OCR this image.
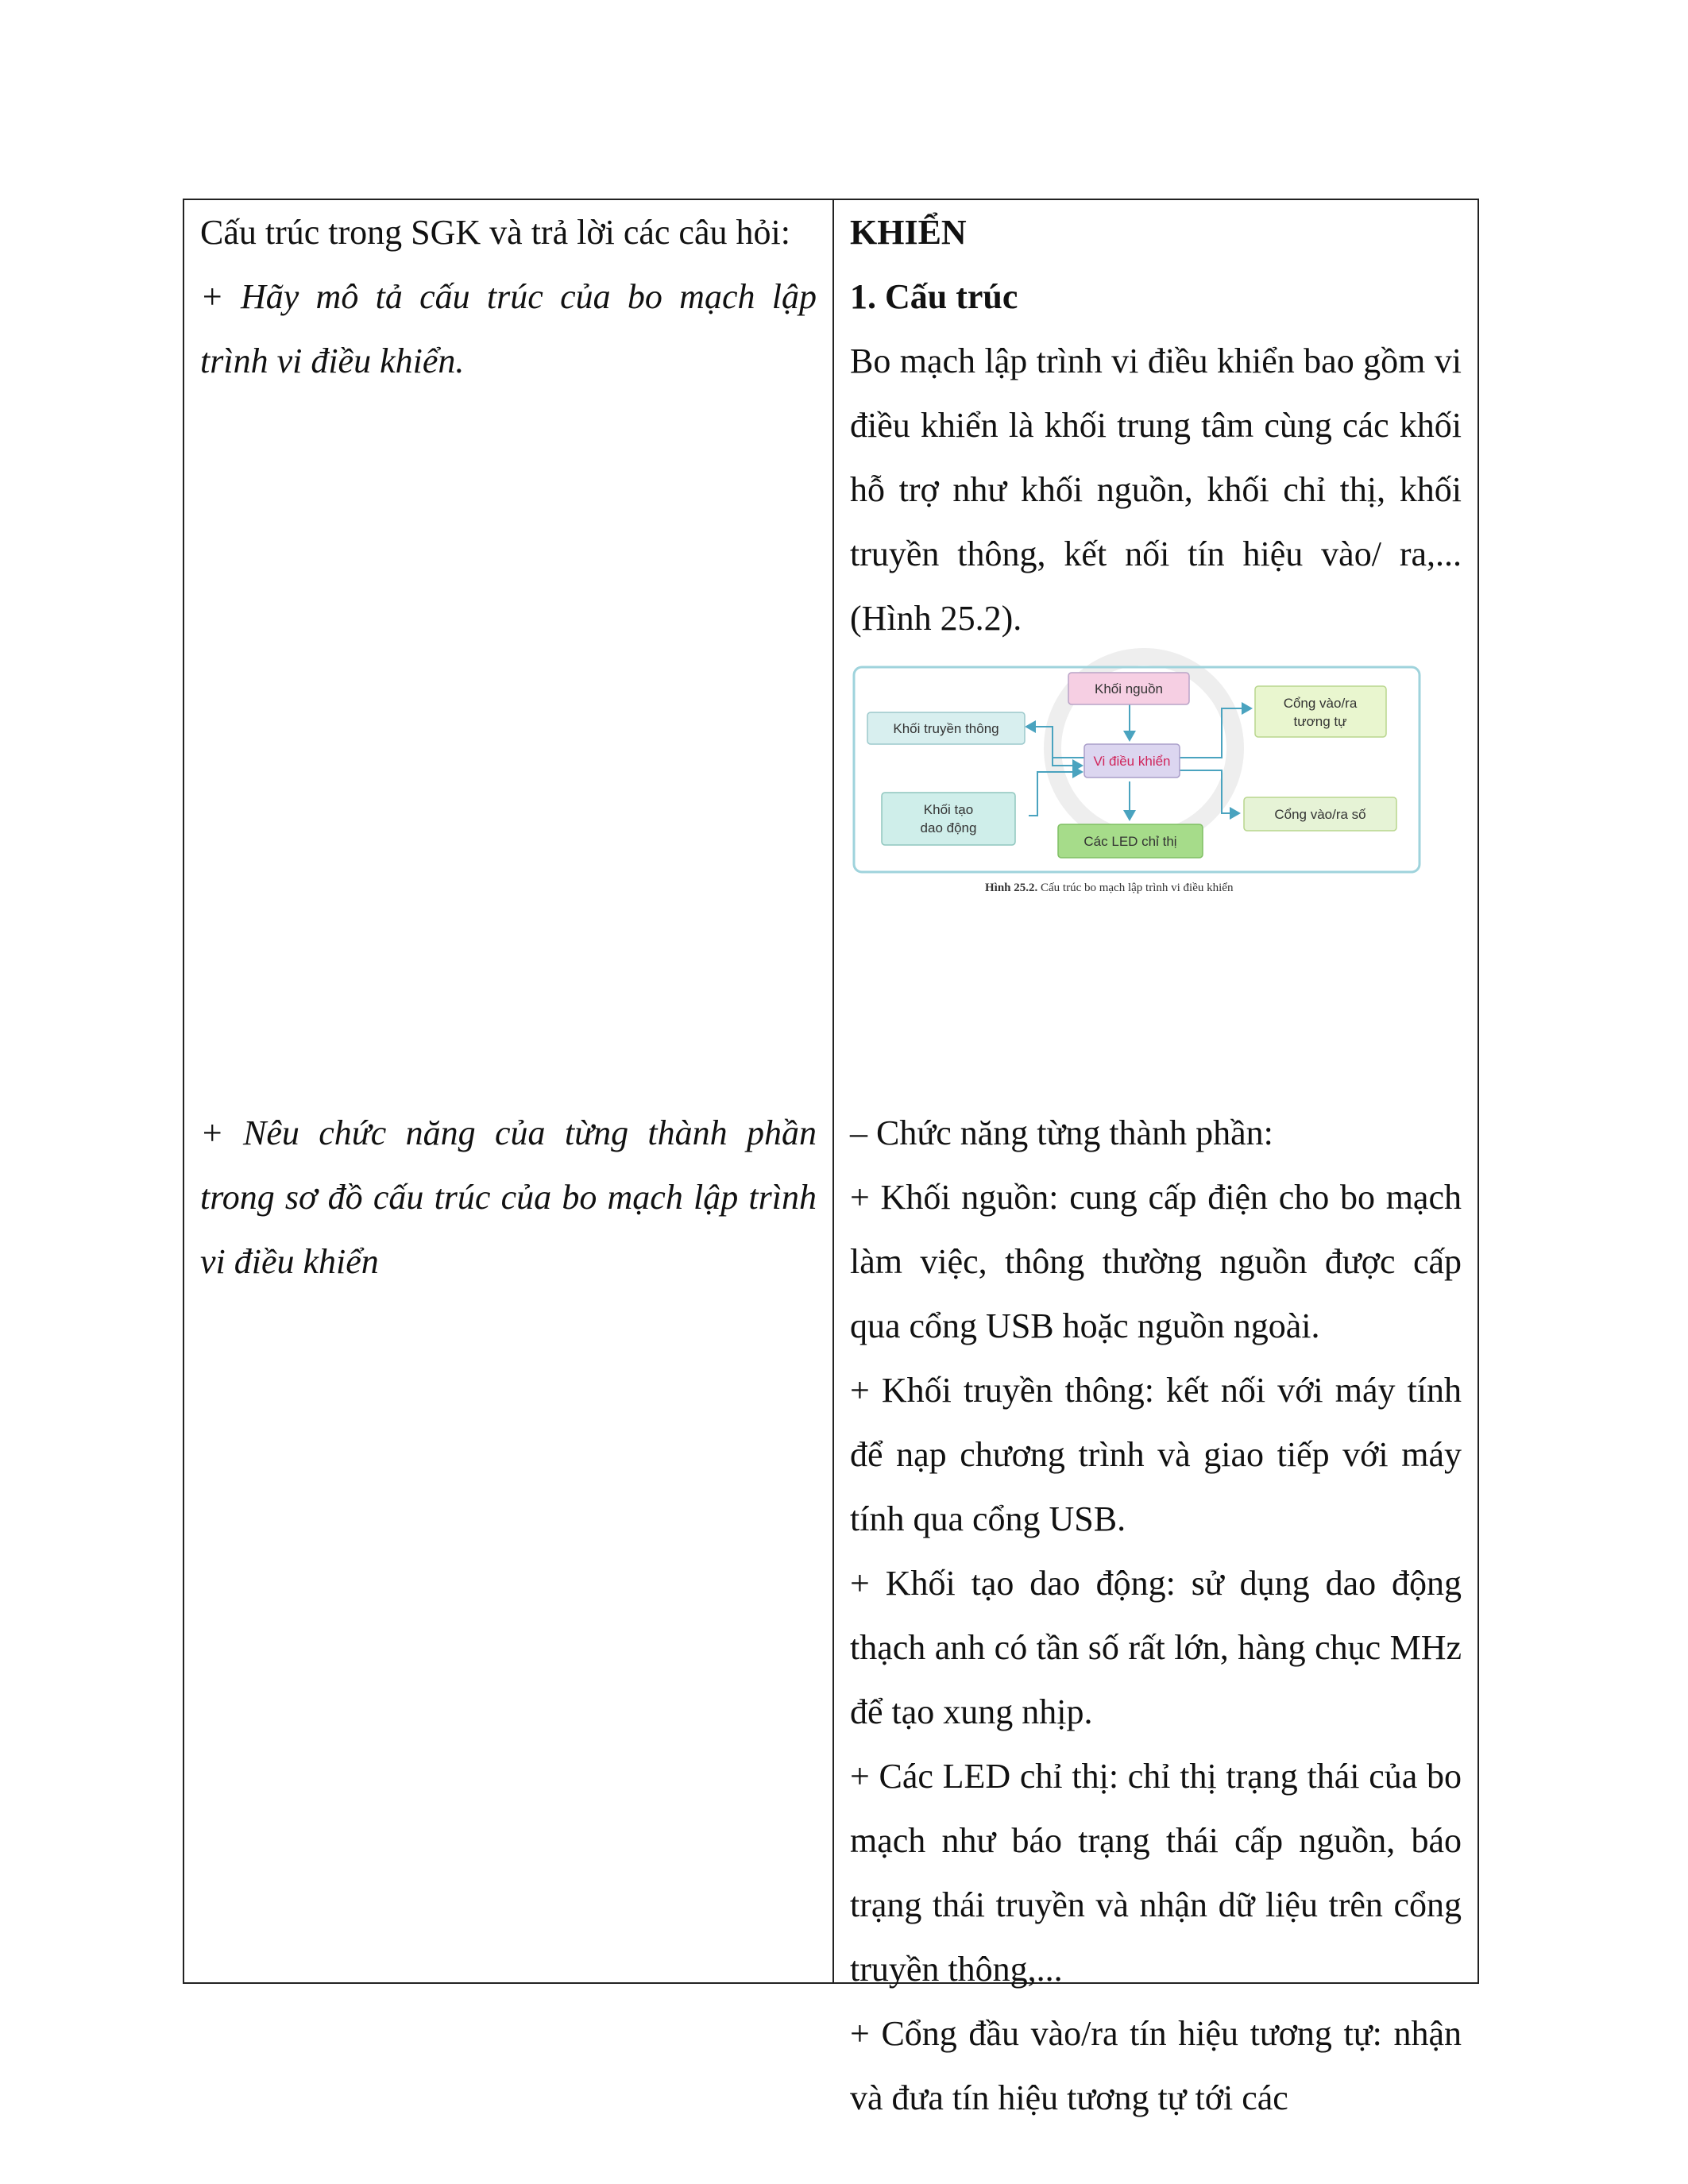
Cấu trúc trong SGK và trả lời các câu hỏi:

+ Hãy mô tả cấu trúc của bo mạch lập trình vi điều khiển.

+ Nêu chức năng của từng thành phần trong sơ đồ cấu trúc của bo mạch lập trình vi điều khiển

KHIỂN

1. Cấu trúc

Bo mạch lập trình vi điều khiển bao gồm vi điều khiển là khối trung tâm cùng các khối hỗ trợ như khối nguồn, khối chỉ thị, khối truyền thông, kết nối tín hiệu vào/ ra,... (Hình 25.2).

Khối nguồn
Khối truyền thông
Vi điều khiển
Khối tạo
dao động
Các LED chỉ thị
Cổng vào/ra
tương tự
Cổng vào/ra số
Hình 25.2. Cấu trúc bo mạch lập trình vi điều khiển

– Chức năng từng thành phần:

+ Khối nguồn: cung cấp điện cho bo mạch làm việc, thông thường nguồn được cấp qua cổng USB hoặc nguồn ngoài.

+ Khối truyền thông: kết nối với máy tính để nạp chương trình và giao tiếp với máy tính qua cổng USB.

+ Khối tạo dao động: sử dụng dao động thạch anh có tần số rất lớn, hàng chục MHz để tạo xung nhịp.

+ Các LED chỉ thị: chỉ thị trạng thái của bo mạch như báo trạng thái cấp nguồn, báo trạng thái truyền và nhận dữ liệu trên cổng truyền thông,...

+ Cổng đầu vào/ra tín hiệu tương tự: nhận và đưa tín hiệu tương tự tới các
